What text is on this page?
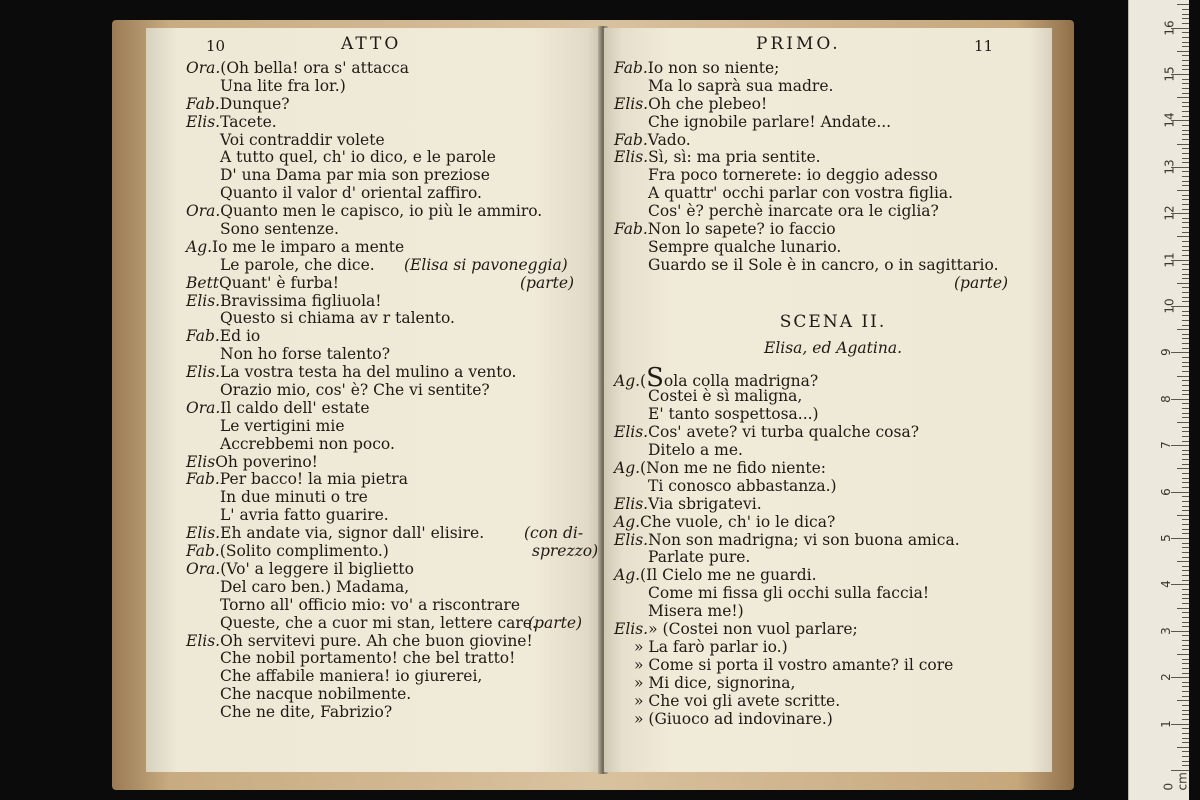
10	ATTO
Ora.(Oh bella! ora s' attacca
Una lite fra lor.)
Fab.Dunque?
Elis.Tacete.
Voi contraddir volete
A tutto quel, ch' io dico, e le parole
D' una Dama par mia son preziose
Quanto il valor d' oriental zaffiro.
Ora.Quanto men le capisco, io più le ammiro.
Sono sentenze.
Ag.Io me le imparo a mente
Le parole, che dice. (Elisa si pavoneggia)
BettQuant' è furba!	(parte)
Elis.Bravissima figliuola!
Questo si chiama av r talento.
Fab.Ed io
Non ho forse talento?
Elis.La vostra testa ha del mulino a vento.
Orazio mio, cos' è? Che vi sentite?
Ora.Il caldo dell' estate
Le vertigini mie
Accrebbemi non poco.
ElisOh poverino!
Fab.Per bacco! la mia pietra
In due minuti o tre
L' avria fatto guarire.
Elis.Eh andate via, signor dall' elisire.	(con di-
Fab.(Solito complimento.)	sprezzo)
Ora.(Vo' a leggere il biglietto
Del caro ben.) Madama,
Torno all' officio mio: vo' a riscontrare
Queste, che a cuor mi stan, lettere care.
(parte)
Elis.Oh servitevi pure. Ah che buon giovine!
Che nobil portamento! che bel tratto!
Che affabile maniera! io giurerei,
Che nacque nobilmente.
Che ne dite, Fabrizio?
PRIMO.	11
Fab.Io non so niente;
Ma lo saprà sua madre.
Elis.Oh che plebeo!
Che ignobile parlare! Andate...
Fab.Vado.
Elis.Sì, sì: ma pria sentite.
Fra poco tornerete: io deggio adesso
A quattr' occhi parlar con vostra figlia.
Cos' è? perchè inarcate ora le ciglia?
Fab.Non lo sapete? io faccio
Sempre qualche lunario.
Guardo se il Sole è in cancro, o in sagittario.
(parte)
SCENA II.
Elisa, ed Agatina.
Ag.(Sola colla madrigna?
Costei è sì maligna,
E' tanto sospettosa...)
Elis.Cos' avete? vi turba qualche cosa?
Ditelo a me.
Ag.(Non me ne fido niente:
Ti conosco abbastanza.)
Elis.Via sbrigatevi.
Ag.Che vuole, ch' io le dica?
Elis.Non son madrigna; vi son buona amica.
Parlate pure.
Ag.(Il Cielo me ne guardi.
Come mi fissa gli occhi sulla faccia!
Misera me!)
Elis.» (Costei non vuol parlare;
» La farò parlar io.)
» Come si porta il vostro amante? il core
» Mi dice, signorina,
» Che voi gli avete scritte.
» (Giuoco ad indovinare.)
0 cm
1
2
3
4
5
6
7
8
9
10
11
12
13
14
15
16
